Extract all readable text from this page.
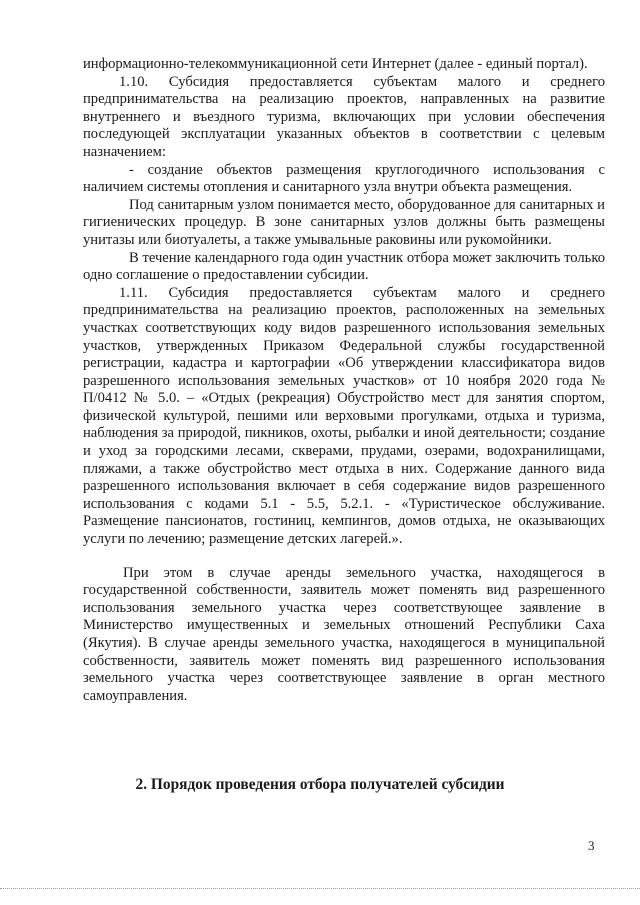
информационно-телекоммуникационной сети Интернет (далее - единый портал).

1.10. Субсидия предоставляется субъектам малого и среднего предпринимательства на реализацию проектов, направленных на развитие внутреннего и въездного туризма, включающих при условии обеспечения последующей эксплуатации указанных объектов в соответствии с целевым назначением:

- создание объектов размещения круглогодичного использования с наличием системы отопления и санитарного узла внутри объекта размещения.

Под санитарным узлом понимается место, оборудованное для санитарных и гигиенических процедур. В зоне санитарных узлов должны быть размещены унитазы или биотуалеты, а также умывальные раковины или рукомойники.

В течение календарного года один участник отбора может заключить только одно соглашение о предоставлении субсидии.

1.11. Субсидия предоставляется субъектам малого и среднего предпринимательства на реализацию проектов, расположенных на земельных участках соответствующих коду видов разрешенного использования земельных участков, утвержденных Приказом Федеральной службы государственной регистрации, кадастра и картографии «Об утверждении классификатора видов разрешенного использования земельных участков» от 10 ноября 2020 года № П/0412 № 5.0. – «Отдых (рекреация) Обустройство мест для занятия спортом, физической культурой, пешими или верховыми прогулками, отдыха и туризма, наблюдения за природой, пикников, охоты, рыбалки и иной деятельности; создание и уход за городскими лесами, скверами, прудами, озерами, водохранилищами, пляжами, а также обустройство мест отдыха в них. Содержание данного вида разрешенного использования включает в себя содержание видов разрешенного использования с кодами 5.1 - 5.5, 5.2.1. - «Туристическое обслуживание. Размещение пансионатов, гостиниц, кемпингов, домов отдыха, не оказывающих услуги по лечению; размещение детских лагерей.».

При этом в случае аренды земельного участка, находящегося в государственной собственности, заявитель может поменять вид разрешенного использования земельного участка через соответствующее заявление в Министерство имущественных и земельных отношений Республики Саха (Якутия). В случае аренды земельного участка, находящегося в муниципальной собственности, заявитель может поменять вид разрешенного использования земельного участка через соответствующее заявление в орган местного самоуправления.

2. Порядок проведения отбора получателей субсидии
3
